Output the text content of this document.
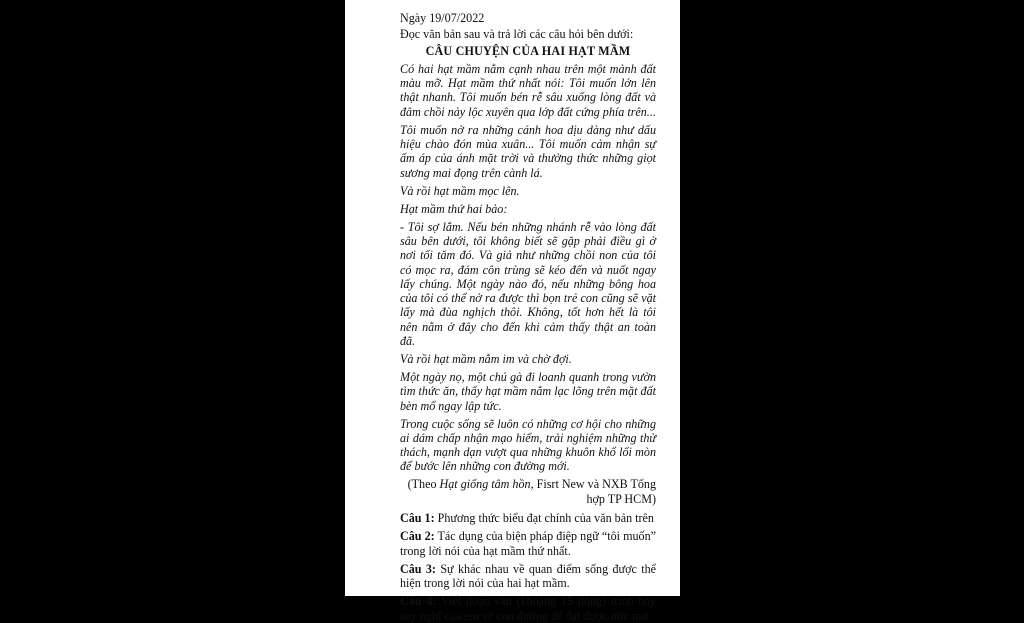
Ngày 19/07/2022
Đọc văn bản sau và trả lời các câu hỏi bên dưới:
CÂU CHUYỆN CỦA HAI HẠT MẦM

Có hai hạt mầm nằm cạnh nhau trên một mảnh đất màu mỡ. Hạt mầm thứ nhất nói: Tôi muốn lớn lên thật nhanh. Tôi muốn bén rễ sâu xuống lòng đất và đâm chồi nảy lộc xuyên qua lớp đất cứng phía trên...

Tôi muốn nở ra những cánh hoa dịu dàng như dấu hiệu chào đón mùa xuân... Tôi muốn cảm nhận sự ấm áp của ánh mặt trời và thưởng thức những giọt sương mai đọng trên cành lá.

Và rồi hạt mầm mọc lên.

Hạt mầm thứ hai bảo:

- Tôi sợ lắm. Nếu bén những nhánh rễ vào lòng đất sâu bên dưới, tôi không biết sẽ gặp phải điều gì ở nơi tối tăm đó. Và giả như những chồi non của tôi có mọc ra, đám côn trùng sẽ kéo đến và nuốt ngay lấy chúng. Một ngày nào đó, nếu những bông hoa của tôi có thể nở ra được thì bọn trẻ con cũng sẽ vặt lấy mà đùa nghịch thôi. Không, tốt hơn hết là tôi nên nằm ở đây cho đến khi cảm thấy thật an toàn đã.

Và rồi hạt mầm nằm im và chờ đợi.

Một ngày nọ, một chú gà đi loanh quanh trong vườn tìm thức ăn, thấy hạt mầm nằm lạc lõng trên mặt đất bèn mổ ngay lập tức.

Trong cuộc sống sẽ luôn có những cơ hội cho những ai dám chấp nhận mạo hiểm, trải nghiệm những thử thách, mạnh dạn vượt qua những khuôn khổ lối mòn để bước lên những con đường mới.

(Theo Hạt giống tâm hồn, Fisrt New và NXB Tổng hợp TP HCM)
Câu 1: Phương thức biểu đạt chính của văn bản trên
Câu 2: Tác dụng của biện pháp điệp ngữ “tôi muốn” trong lời nói của hạt mầm thứ nhất.
Câu 3: Sự khác nhau về quan điểm sống được thể hiện trong lời nói của hai hạt mầm.
Câu 4: Viết đoạn văn (khoảng 15 dòng) trình bày suy nghĩ của em về con đường để đạt được ước mơ.
